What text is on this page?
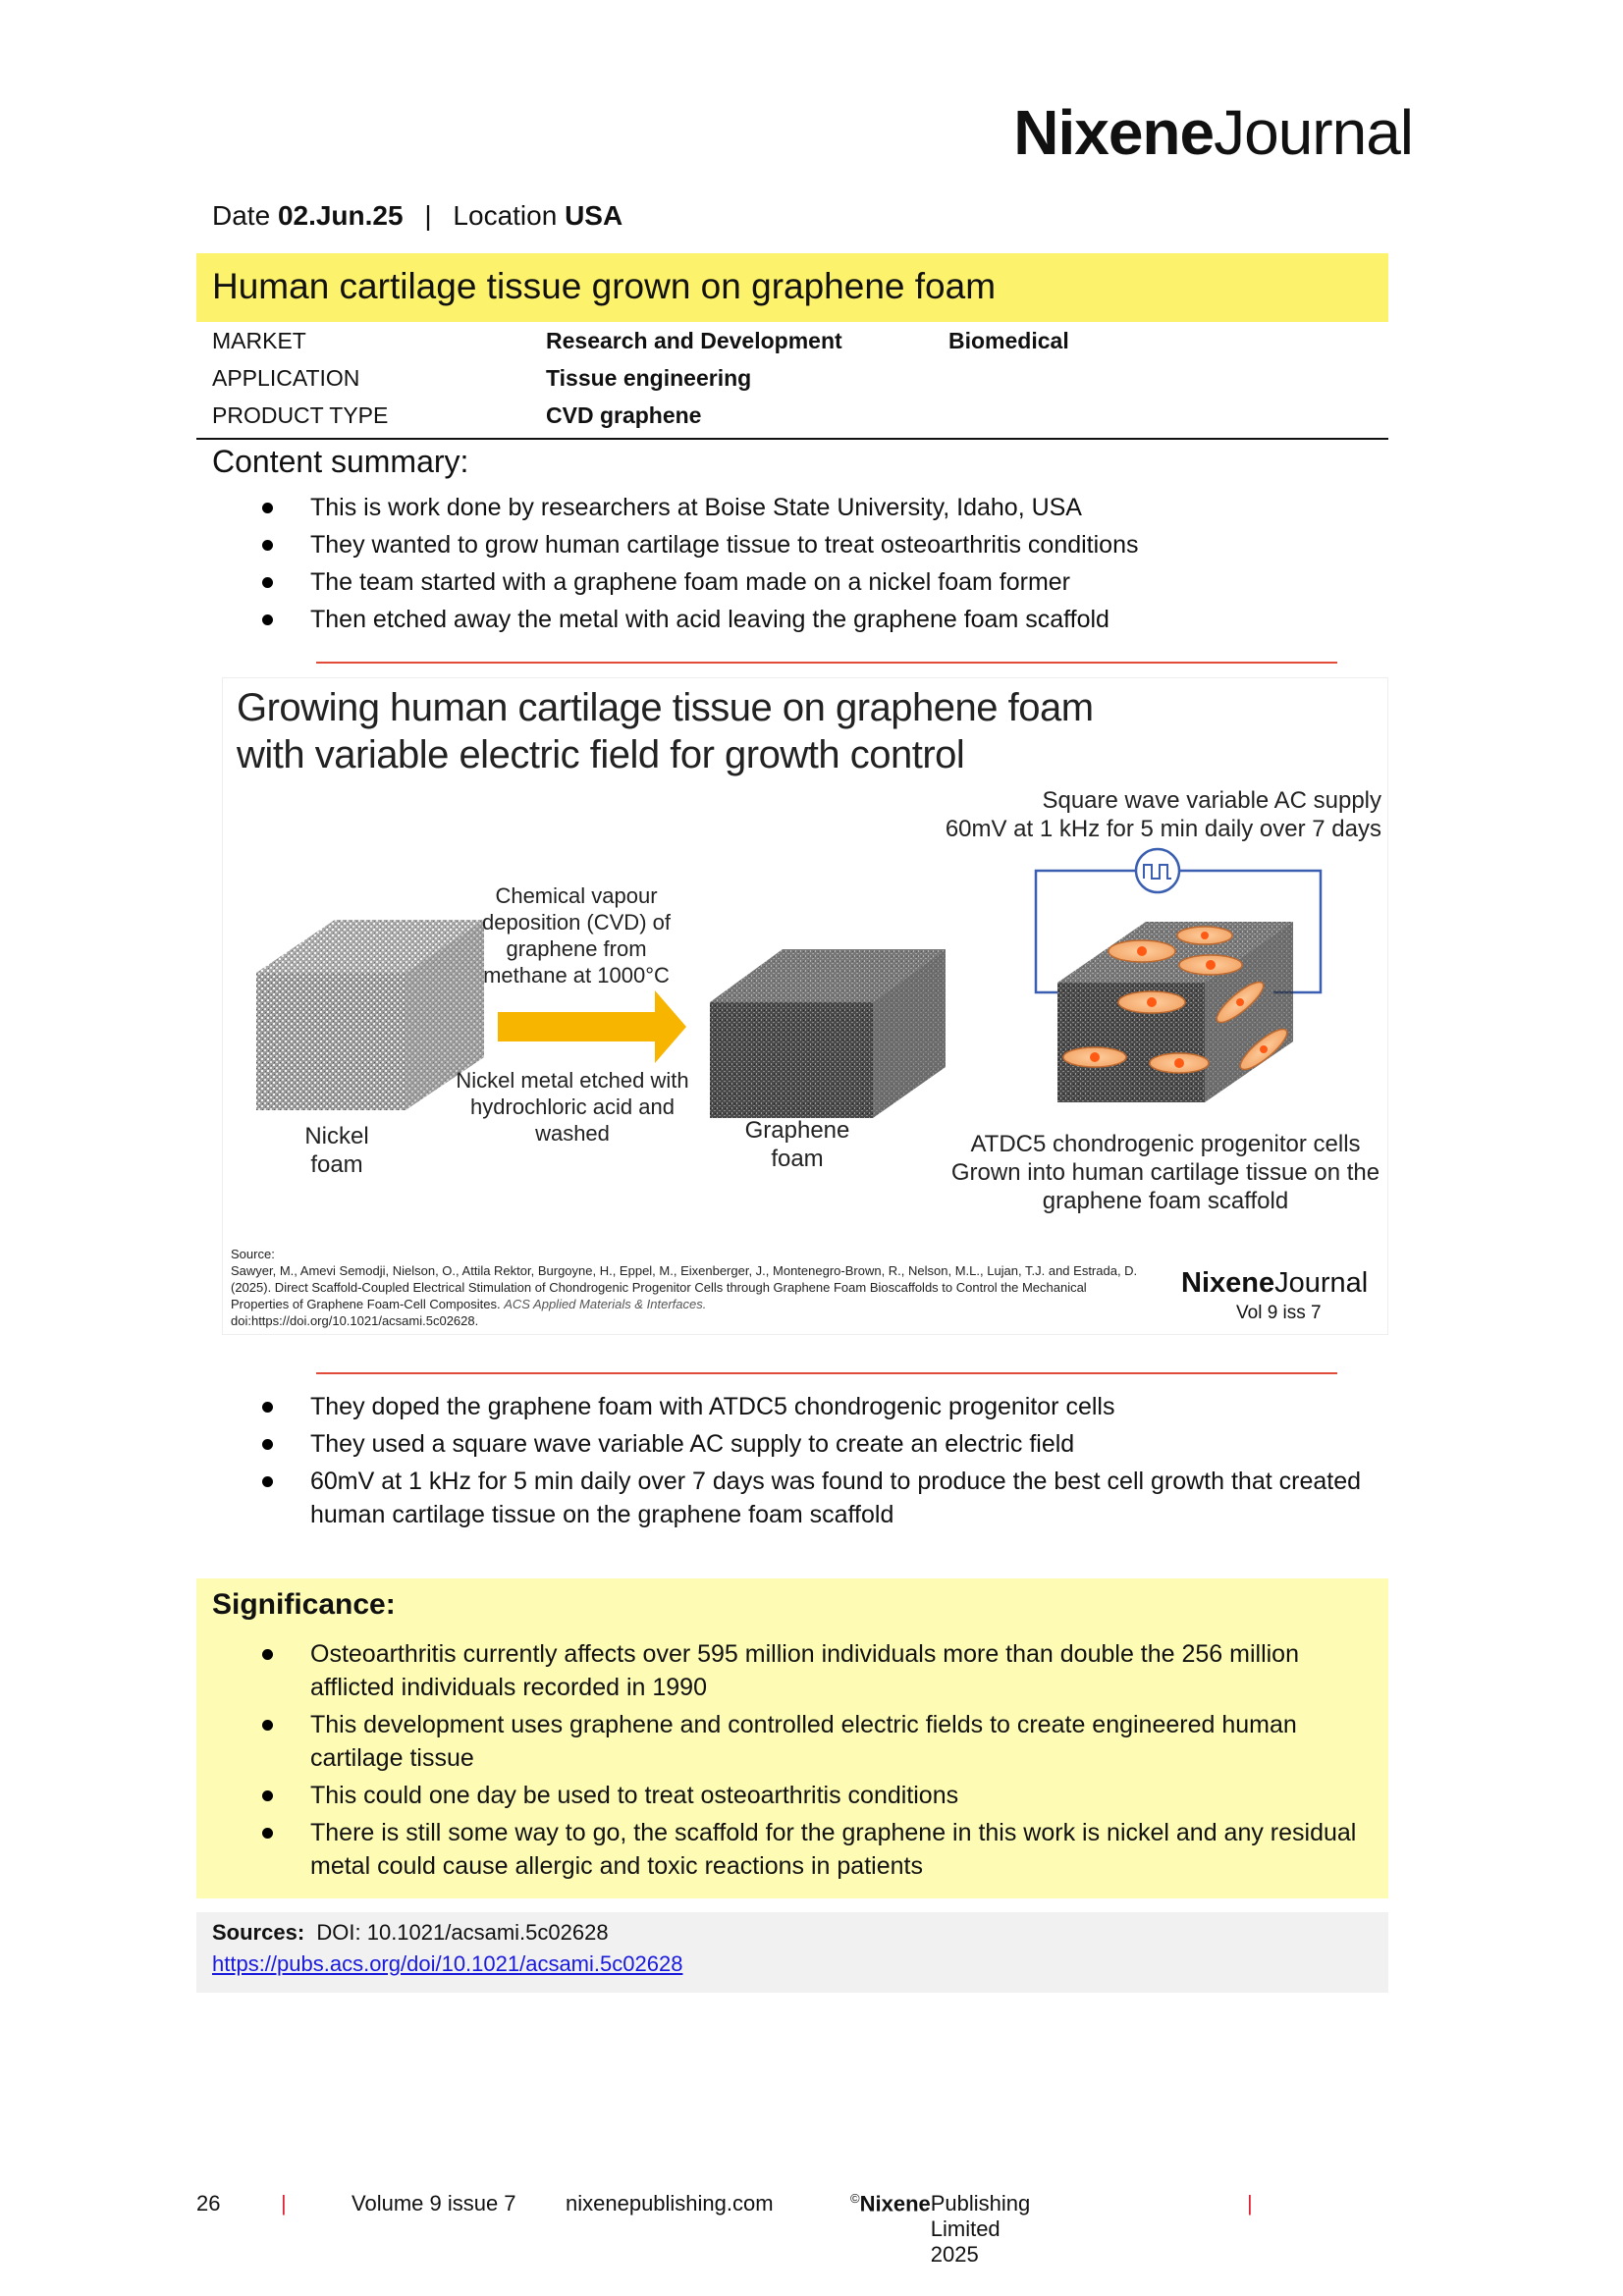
NixeneJournal
Date 02.Jun.25 | Location USA
Human cartilage tissue grown on graphene foam
MARKET	Research and Development	Biomedical
APPLICATION	Tissue engineering
PRODUCT TYPE	CVD graphene
Content summary:
This is work done by researchers at Boise State University, Idaho, USA
They wanted to grow human cartilage tissue to treat osteoarthritis conditions
The team started with a graphene foam made on a nickel foam former
Then etched away the metal with acid leaving the graphene foam scaffold
Growing human cartilage tissue on graphene foam
with variable electric field for growth control
Square wave variable AC supply
60mV at 1 kHz for 5 min daily over 7 days
Chemical vapour deposition (CVD) of graphene from methane at 1000°C
Nickel metal etched with hydrochloric acid and washed
Nickel foam
Graphene foam
ATDC5 chondrogenic progenitor cells Grown into human cartilage tissue on the graphene foam scaffold
Source:
Sawyer, M., Amevi Semodji, Nielson, O., Attila Rektor, Burgoyne, H., Eppel, M., Eixenberger, J., Montenegro-Brown, R., Nelson, M.L., Lujan, T.J. and Estrada, D. (2025). Direct Scaffold-Coupled Electrical Stimulation of Chondrogenic Progenitor Cells through Graphene Foam Bioscaffolds to Control the Mechanical Properties of Graphene Foam-Cell Composites. ACS Applied Materials & Interfaces.
doi:https://doi.org/10.1021/acsami.5c02628.
NixeneJournal
Vol 9 iss 7
They doped the graphene foam with ATDC5 chondrogenic progenitor cells
They used a square wave variable AC supply to create an electric field
60mV at 1 kHz for 5 min daily over 7 days was found to produce the best cell growth that created human cartilage tissue on the graphene foam scaffold
Significance:
Osteoarthritis currently affects over 595 million individuals more than double the 256 million afflicted individuals recorded in 1990
This development uses graphene and controlled electric fields to create engineered human cartilage tissue
This could one day be used to treat osteoarthritis conditions
There is still some way to go, the scaffold for the graphene in this work is nickel and any residual metal could cause allergic and toxic reactions in patients
Sources: DOI: 10.1021/acsami.5c02628
https://pubs.acs.org/doi/10.1021/acsami.5c02628
26	|	Volume 9 issue 7 nixenepublishing.com	©Nixene Publishing Limited 2025
|
